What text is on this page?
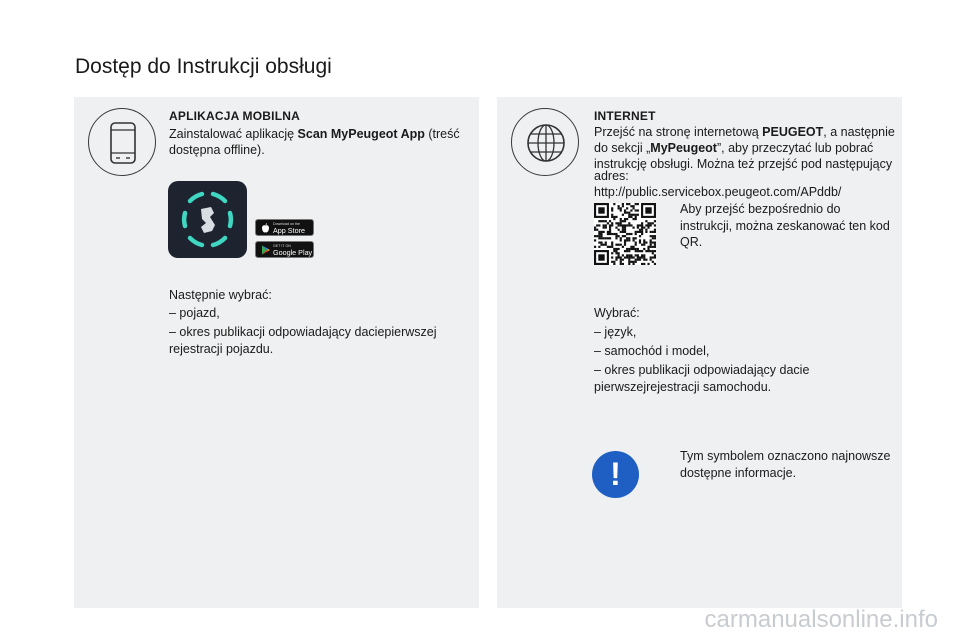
Dostęp do Instrukcji obsługi
APLIKACJA MOBILNA
Zainstalować aplikację Scan MyPeugeot App (treść
dostępna offline).
Download on the
App Store
GET IT ON
Google Play
Następnie wybrać:
– pojazd,
– okres publikacji odpowiadający daciepierwszej
rejestracji pojazdu.
INTERNET
Przejść na stronę internetową PEUGEOT, a następnie
do sekcji „MyPeugeot”, aby przeczytać lub pobrać
instrukcję obsługi. Można też przejść pod następujący
adres:
http://public.servicebox.peugeot.com/APddb/
Aby przejść bezpośrednio do
instrukcji, można zeskanować ten kod
QR.
Wybrać:
– język,
– samochód i model,
– okres publikacji odpowiadający dacie
pierwszejrejestracji samochodu.
!	Tym symbolem oznaczono najnowsze
dostępne informacje.
carmanualsonline.info
